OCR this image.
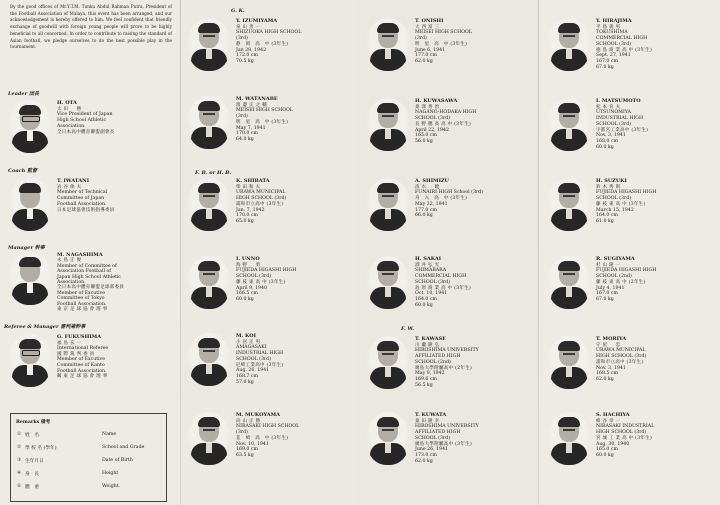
By the good offices of Mr.Y.T.M. Tunku Abdul Rahman Putra, President of the Football Association of Malaya, this event has been arranged, and our acknowledgement is hereby offered to him. We feel confident that friendly exchange of goodwill with foreign young people will prove to be highly beneficial to all concerned. In order to contribute to raising the standard of Asian football, we pledge ourselves to do the best possible play in the tournament.
Leader 団長
Coach 監督
Manager 幹事
Referee & Manager 審判兼幹事
H. OTA
太 田 　 勝
Vice President of Japan
High School Athletic
Association.
全日本高中體育聯盟副會長
T. IWATANI
岩 谷 俊 夫
Member of Technical
Committee of Japan
Football Association.
日本足球協會技術指導委員
M. NAGASHIMA
永 島 正 俊
Member of Committee of
Association Football of
Japan High School Athletic
Association.
全日本高中體育聯盟足球部委員
Member of Excutive
Committee of Tokyo
Football Association.
東 京 足 球 協 會 理 事
G. FUKUSHIMA
福 島 玄 一
International Referee
國 際 裁 判 委 員
Member of Excutive
Committee of Kanto
Football Association.
關 東 足 球 協 會 理 事
Remarks 備考
① 姓　名	Name
② 學 校 名 (學年)	School and Grade
③ 生年月日	Date of Birth
④ 身　長	Height
⑤ 體　重	Weight.
G. K.
F. B. or H. B.
Y. IZUMIYAMA
泉 山 善 一
SHIZUOKA HIGH SCHOOL
(3rd)
静　岡　高　中 (3年生)
Jan 28, 1942
172.0 cm
70.5 kg
M. WATANABE
渡 邊 正 之 輔
MEISEI HIGH SCHOOL
(3rd)
明　星　高　中 (3年生)
May 7, 1941
170.0 cm
64.0 kg
K. SHIBATA
柴 田 和 夫
URAWA MUNICIPAL
HIGH SCHOOL (3rd)
浦和市立高中 (3年生)
Jan. 7, 1942
170.0 cm
65.0 kg
I. UNNO
海 野 　 勇
FUJIEDA HIGASHI HIGH
SCHOOL (3rd)
藤 枝 東 高 中 (3年生)
April 9, 1940
166.5 cm
60.0 kg
M. KOI
小 居 正 男
AMAGASAKI
INDUSTRIAL HIGH
SCHOOL (3rd)
尼崎工業高中 (3年生)
Aug. 26, 1941
168.7 cm
57.0 kg
M. MUKOYAMA
向 山 正 勝
NIRASAKI HIGH SCHOOL
(3rd)
韮　崎　高　中 (3年生)
Nov. 10, 1941
169.0 cm
63.5 kg
F. W.
T. ONISHI
大 西 富 三
MEISEI HIGH SCHOOL
(3rd)
明　星　高　中 (3年生)
June 6, 1941
177.0 cm
62.0 kg
H. KUWASAWA
桑 澤 秀 治
NAGANO-HODAKA HIGH
SCHOOL (3rd)
長 野 穂 高 高 中 (3年生)
April 22, 1942
165.0 cm
56.0 kg
A. SHIMIZU
清 水 　 暁
FUNAIRI HIGH School (3rd)
舟　入　高　中 (3年生)
May 22, 1941
177.0 cm
66.0 kg
H. SAKAI
酒 井 弘 光
SHIMABARA
COMMERCIAL HIGH
SCHOOL (3rd)
島 原 商 業 高 中 (3年生)
Oct. 10, 1941
164.0 cm
60.0 kg
T. KAWASE
川 瀬 隆 弘
HIROSHIMA UNIVERSITY
AFFILIATED HIGH
SCHOOL (2nd)
廣島大學附屬高中 (2年生)
May 9, 1942
169.6 cm
56.5 kg
T. KUWATA
桑 田 隆 幸
HIROSHIMA UNIVERSITY
AFFILIATED HIGH
SCHOOL (3rd)
廣島大學附屬高中 (3年生)
June 26, 1941
173.0 cm
62.0 kg
Y. HIRAJIMA
平 島 義 男
TOKUSHIMA
COMMERCIAL HIGH
SCHOOL (3rd)
徳 島 商 業 高 中 (3年生)
Sept. 27, 1941
167.0 cm
67.0 kg
I. MATSUMOTO
松 本 育 夫
UTSUNOMIYA
INDUSTRIAL HIGH
SCHOOL (3rd)
宇都宮工業高中 (3年生)
Nov. 3, 1941
168.0 cm
60.0 kg
H. SUZUKI
鈴 木 秀 則
FUJIEDA HIGASHI HIGH
SCHOOL (3rd)
藤 枝 東 高 中 (3年生)
March 15, 1942
164.0 cm
61.0 kg
R. SUGIYAMA
杉 山 隆 一
FUJIEDA HIGASHI HIGH
SCHOOL (2nd)
藤 枝 東 高 中 (2年生)
July 4, 1941
167.0 cm
67.0 kg
T. MORIYA
守 屋 　 忠
URAWA MUNICIPAL
HIGH SCHOOL (3rd)
浦和市立高中 (3年生)
Nov. 3, 1941
168.5 cm
62.0 kg
S. HACHIYA
蜂 谷 章 一
NIRASAKI INDUSTRIAL
HIGH SCHOOL (3rd)
宮 城 工 業 高 中 (3年生)
Aug. 30, 1940
165.0 cm
60.0 kg
